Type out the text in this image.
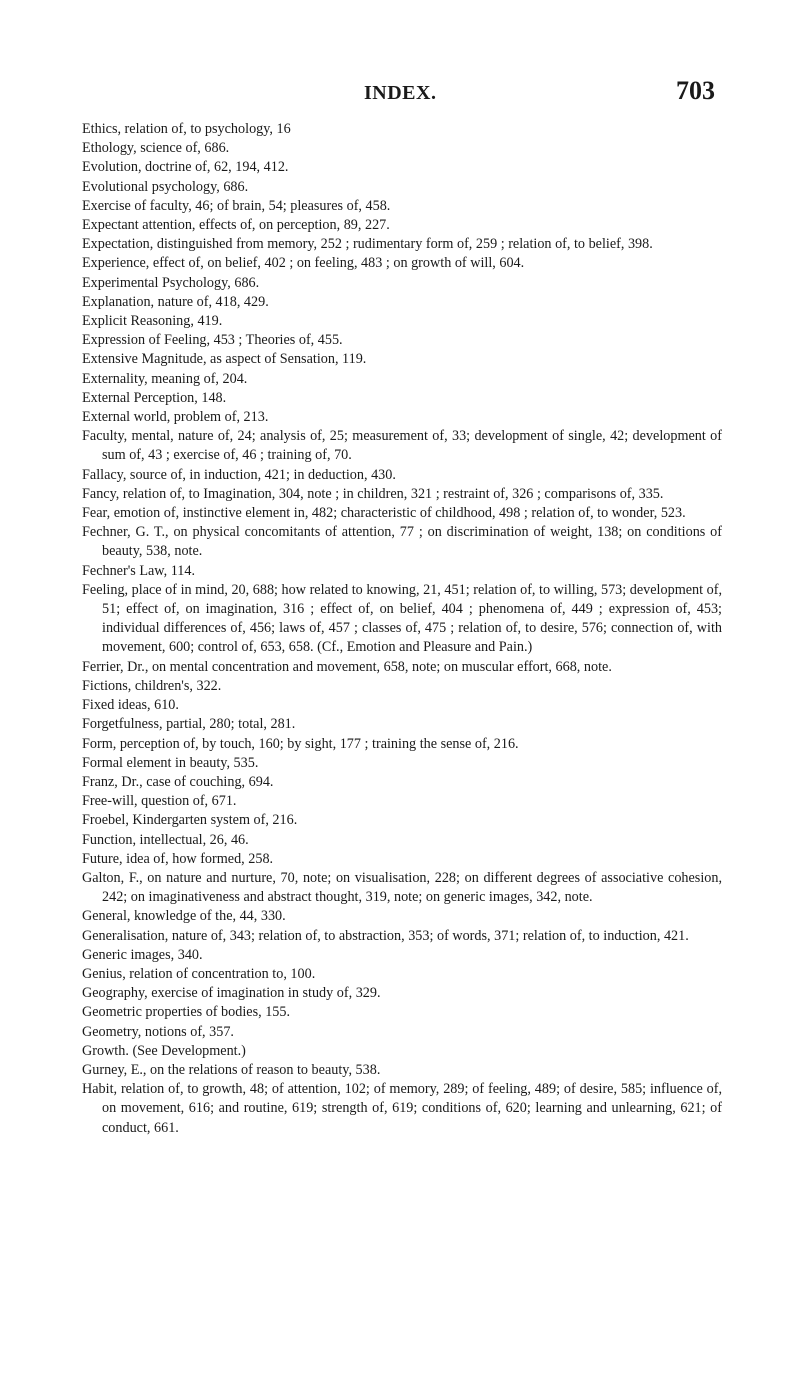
INDEX.	703

Ethics, relation of, to psychology, 16

Ethology, science of, 686.

Evolution, doctrine of, 62, 194, 412.

Evolutional psychology, 686.

Exercise of faculty, 46; of brain, 54; pleasures of, 458.

Expectant attention, effects of, on perception, 89, 227.

Expectation, distinguished from memory, 252 ; rudimentary form of, 259 ; relation of, to belief, 398.

Experience, effect of, on belief, 402 ; on feeling, 483 ; on growth of will, 604.

Experimental Psychology, 686.

Explanation, nature of, 418, 429.

Explicit Reasoning, 419.

Expression of Feeling, 453 ; Theories of, 455.

Extensive Magnitude, as aspect of Sensation, 119.

Externality, meaning of, 204.

External Perception, 148.

External world, problem of, 213.

Faculty, mental, nature of, 24; analysis of, 25; measurement of, 33; development of single, 42; development of sum of, 43 ; exercise of, 46 ; training of, 70.

Fallacy, source of, in induction, 421; in deduction, 430.

Fancy, relation of, to Imagination, 304, note ; in children, 321 ; restraint of, 326 ; comparisons of, 335.

Fear, emotion of, instinctive element in, 482; characteristic of childhood, 498 ; relation of, to wonder, 523.

Fechner, G. T., on physical concomitants of attention, 77 ; on discrimination of weight, 138; on conditions of beauty, 538, note.

Fechner's Law, 114.

Feeling, place of in mind, 20, 688; how related to knowing, 21, 451; relation of, to willing, 573; development of, 51; effect of, on imagination, 316 ; effect of, on belief, 404 ; phenomena of, 449 ; expression of, 453; individual differences of, 456; laws of, 457 ; classes of, 475 ; relation of, to desire, 576; connection of, with movement, 600; control of, 653, 658. (Cf., Emotion and Pleasure and Pain.)

Ferrier, Dr., on mental concentration and movement, 658, note; on muscular effort, 668, note.

Fictions, children's, 322.

Fixed ideas, 610.

Forgetfulness, partial, 280; total, 281.

Form, perception of, by touch, 160; by sight, 177 ; training the sense of, 216.

Formal element in beauty, 535.

Franz, Dr., case of couching, 694.

Free-will, question of, 671.

Froebel, Kindergarten system of, 216.

Function, intellectual, 26, 46.

Future, idea of, how formed, 258.

Galton, F., on nature and nurture, 70, note; on visualisation, 228; on different degrees of associative cohesion, 242; on imaginativeness and abstract thought, 319, note; on generic images, 342, note.

General, knowledge of the, 44, 330.

Generalisation, nature of, 343; relation of, to abstraction, 353; of words, 371; relation of, to induction, 421.

Generic images, 340.

Genius, relation of concentration to, 100.

Geography, exercise of imagination in study of, 329.

Geometric properties of bodies, 155.

Geometry, notions of, 357.

Growth. (See Development.)

Gurney, E., on the relations of reason to beauty, 538.

Habit, relation of, to growth, 48; of attention, 102; of memory, 289; of feeling, 489; of desire, 585; influence of, on movement, 616; and routine, 619; strength of, 619; conditions of, 620; learning and unlearning, 621; of conduct, 661.
